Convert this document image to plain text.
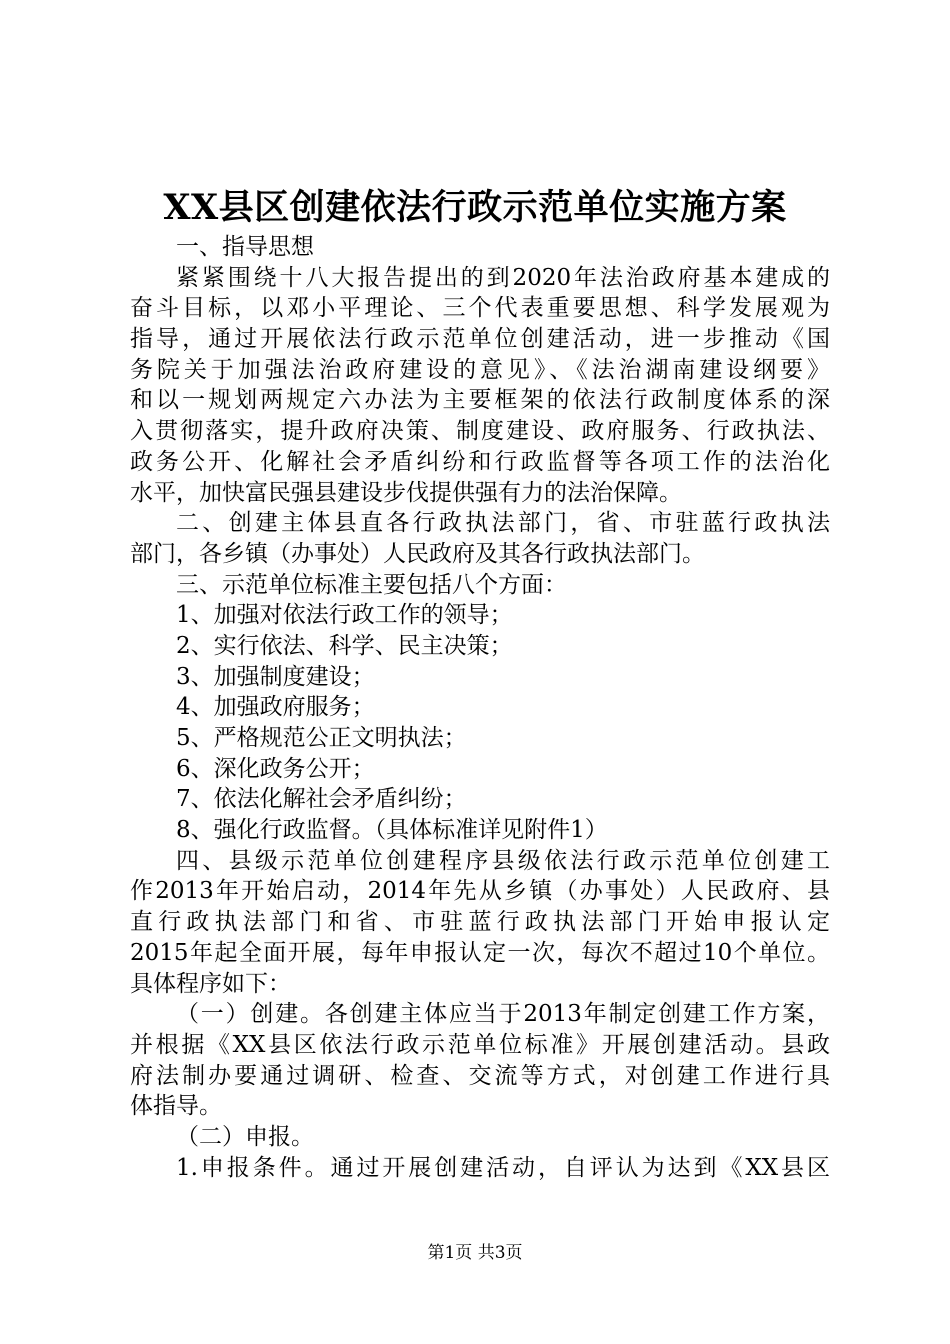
XX县区创建依法行政示范单位实施方案
一、指导思想
紧紧围绕十八大报告提出的到2020年法治政府基本建成的
奋斗目标，以邓小平理论、三个代表重要思想、科学发展观为
指导，通过开展依法行政示范单位创建活动，进一步推动《国
务院关于加强法治政府建设的意见》、《法治湖南建设纲要》
和以一规划两规定六办法为主要框架的依法行政制度体系的深
入贯彻落实，提升政府决策、制度建设、政府服务、行政执法、
政务公开、化解社会矛盾纠纷和行政监督等各项工作的法治化
水平，加快富民强县建设步伐提供强有力的法治保障。
二、创建主体县直各行政执法部门，省、市驻蓝行政执法
部门，各乡镇（办事处）人民政府及其各行政执法部门。
三、示范单位标准主要包括八个方面：
1、加强对依法行政工作的领导；
2、实行依法、科学、民主决策；
3、加强制度建设；
4、加强政府服务；
5、严格规范公正文明执法；
6、深化政务公开；
7、依法化解社会矛盾纠纷；
8、强化行政监督。（具体标准详见附件1）
四、县级示范单位创建程序县级依法行政示范单位创建工
作2013年开始启动，2014年先从乡镇（办事处）人民政府、县
直行政执法部门和省、市驻蓝行政执法部门开始申报认定
2015年起全面开展，每年申报认定一次，每次不超过10个单位。
具体程序如下：
（一）创建。各创建主体应当于2013年制定创建工作方案，
并根据《XX县区依法行政示范单位标准》开展创建活动。县政
府法制办要通过调研、检查、交流等方式，对创建工作进行具
体指导。
（二）申报。
1.申报条件。通过开展创建活动，自评认为达到《XX县区
第1页 共3页
